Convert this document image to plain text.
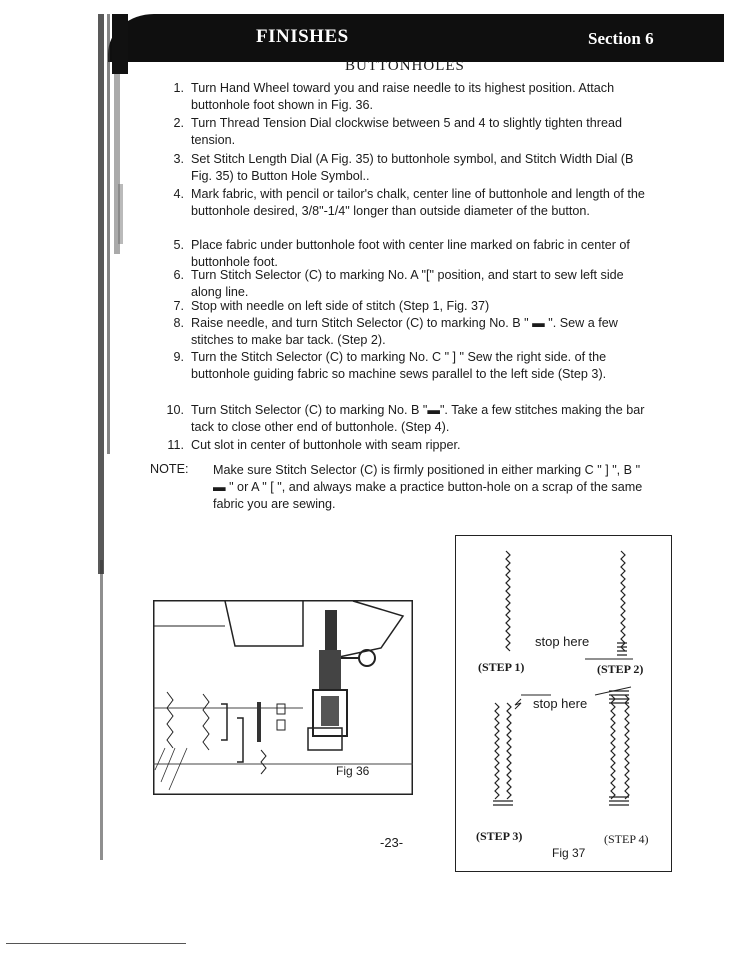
FINISHES	Section 6
BUTTONHOLES
1. Turn Hand Wheel toward you and raise needle to its highest position. Attach buttonhole foot shown in Fig. 36.
2. Turn Thread Tension Dial clockwise between 5 and 4 to slightly tighten thread tension.
3. Set Stitch Length Dial (A Fig. 35) to buttonhole symbol, and Stitch Width Dial (B Fig. 35) to Button Hole Symbol..
4. Mark fabric, with pencil or tailor's chalk, center line of buttonhole and length of the buttonhole desired, 3/8"-1/4" longer than outside diameter of the button.
5. Place fabric under buttonhole foot with center line marked on fabric in center of buttonhole foot.
6. Turn Stitch Selector (C) to marking No. A "[" position, and start to sew left side along line.
7. Stop with needle on left side of stitch (Step 1, Fig. 37)
8. Raise needle, and turn Stitch Selector (C) to marking No. B " ▬ ". Sew a few stitches to make bar tack. (Step 2).
9. Turn the Stitch Selector (C) to marking No. C " ] " Sew the right side. of the buttonhole guiding fabric so machine sews parallel to the left side (Step 3).
10. Turn Stitch Selector (C) to marking No. B "▬". Take a few stitches making the bar tack to close other end of buttonhole. (Step 4).
11. Cut slot in center of buttonhole with seam ripper.
NOTE: Make sure Stitch Selector (C) is firmly positioned in either marking C " ] ", B " ▬ " or A " [ ", and always make a practice button-hole on a scrap of the same fabric you are sewing.
Fig 36
stop here
stop here
(STEP 1)	(STEP 2)
(STEP 3)	(STEP 4)
Fig 37
-23-
